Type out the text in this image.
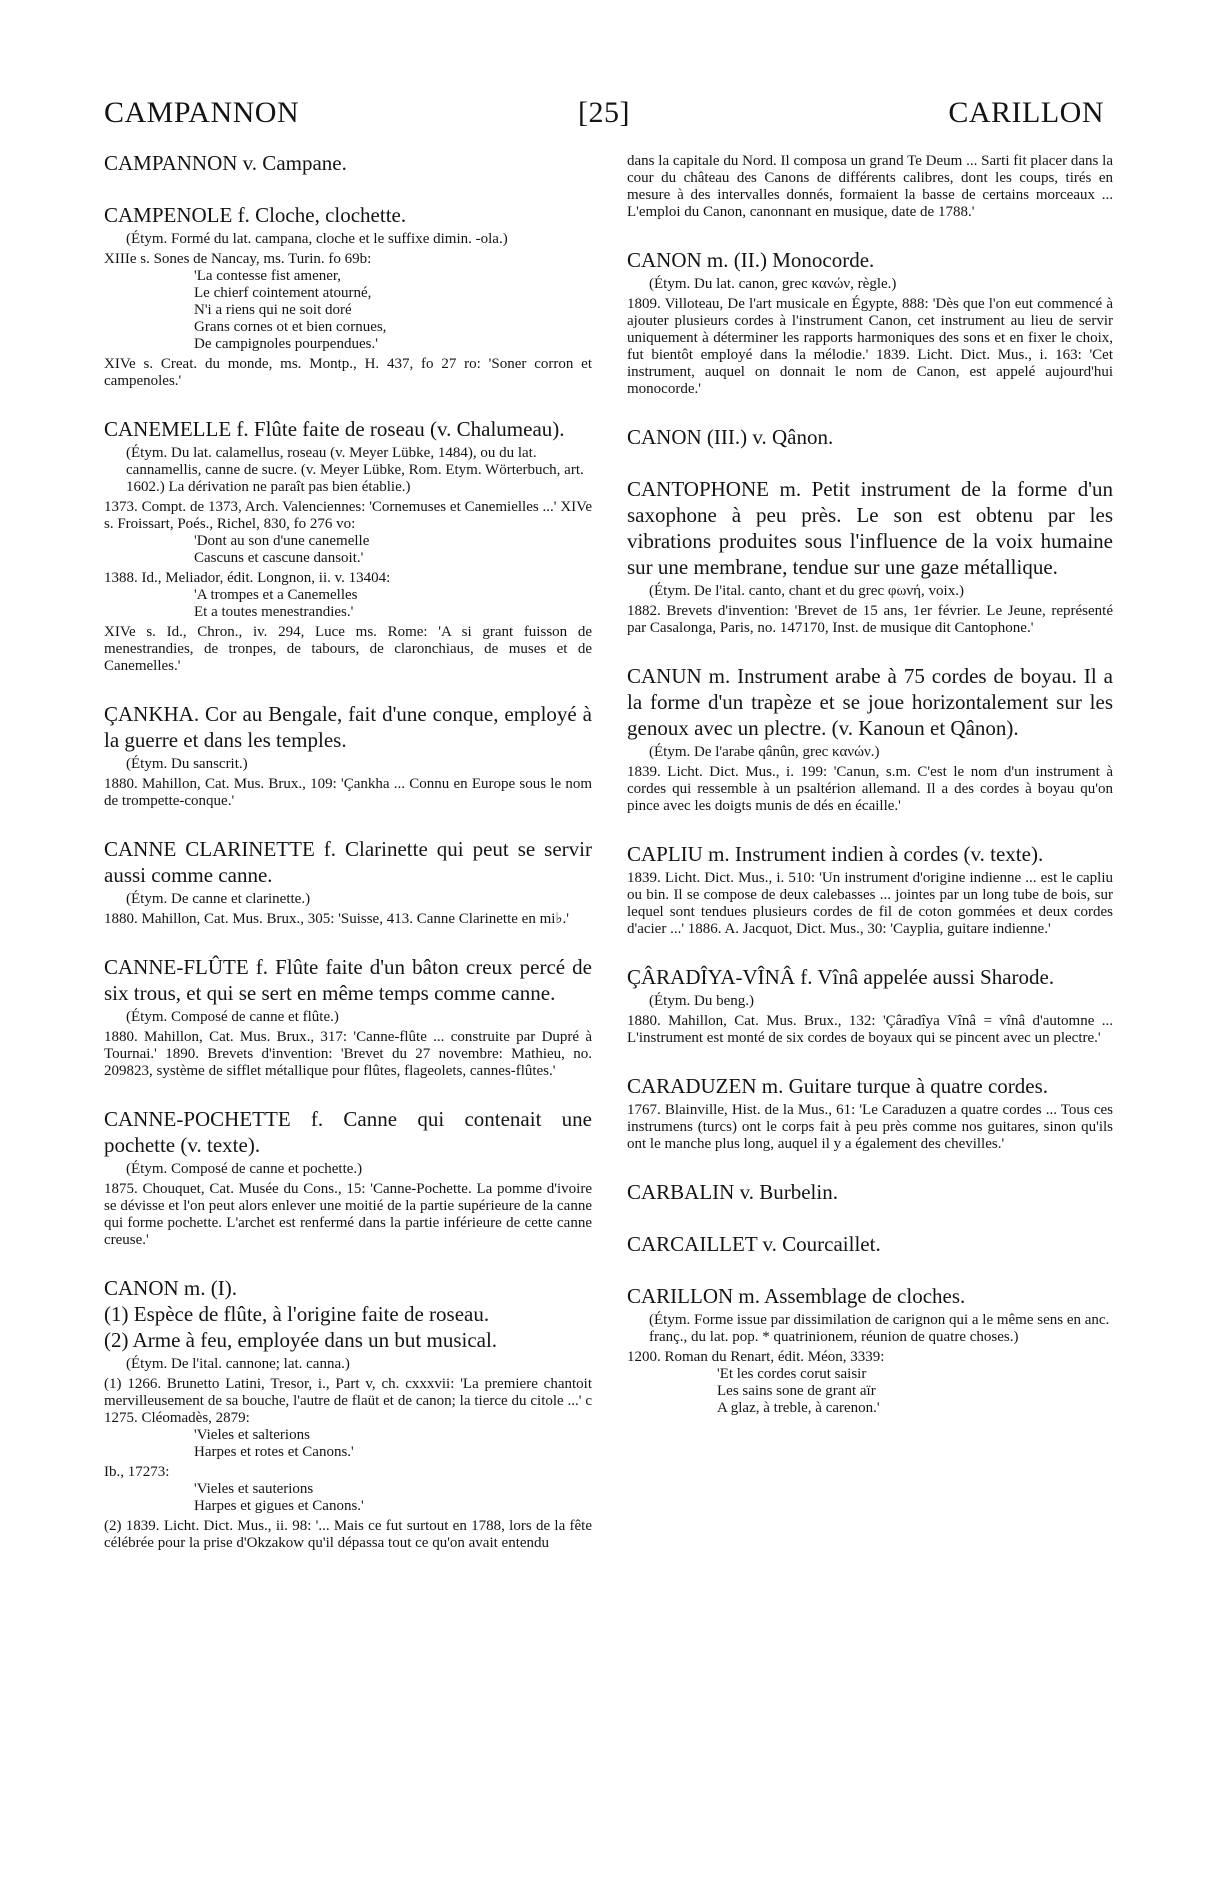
CAMPANNON	[25]	CARILLON
CAMPANNON v. Campane.
CAMPENOLE f. Cloche, clochette.
(Étym. Formé du lat. campana, cloche et le suffixe dimin. -ola.)
XIIIe s. Sones de Nancay, ms. Turin. fo 69b:
'La contesse fist amener,
Le chierf cointement atourné,
N'i a riens qui ne soit doré
Grans cornes ot et bien cornues,
De campignoles pourpendues.'
XIVe s. Creat. du monde, ms. Montp., H. 437, fo 27 ro: 'Soner corron et campenoles.'
CANEMELLE f. Flûte faite de roseau (v. Chalumeau).
(Étym. Du lat. calamellus, roseau (v. Meyer Lübke, 1484), ou du lat. cannamellis, canne de sucre. (v. Meyer Lübke, Rom. Etym. Wörterbuch, art. 1602.) La dérivation ne paraît pas bien établie.)
1373. Compt. de 1373, Arch. Valenciennes: 'Cornemuses et Canemielles ...' XIVe s. Froissart, Poés., Richel, 830, fo 276 vo:
'Dont au son d'une canemelle
Cascuns et cascune dansoit.'
1388. Id., Meliador, édit. Longnon, ii. v. 13404:
'A trompes et a Canemelles
Et a toutes menestrandies.'
XIVe s. Id., Chron., iv. 294, Luce ms. Rome: 'A si grant fuisson de menestrandies, de tronpes, de tabours, de claronchiaus, de muses et de Canemelles.'
ÇANKHA. Cor au Bengale, fait d'une conque, employé à la guerre et dans les temples.
(Étym. Du sanscrit.)
1880. Mahillon, Cat. Mus. Brux., 109: 'Çankha ... Connu en Europe sous le nom de trompette-conque.'
CANNE CLARINETTE f. Clarinette qui peut se servir aussi comme canne.
(Étym. De canne et clarinette.)
1880. Mahillon, Cat. Mus. Brux., 305: 'Suisse, 413. Canne Clarinette en mi♭.'
CANNE-FLÛTE f. Flûte faite d'un bâton creux percé de six trous, et qui se sert en même temps comme canne.
(Étym. Composé de canne et flûte.)
1880. Mahillon, Cat. Mus. Brux., 317: 'Canne-flûte ... construite par Dupré à Tournai.' 1890. Brevets d'invention: 'Brevet du 27 novembre: Mathieu, no. 209823, système de sifflet métallique pour flûtes, flageolets, cannes-flûtes.'
CANNE-POCHETTE f. Canne qui contenait une pochette (v. texte).
(Étym. Composé de canne et pochette.)
1875. Chouquet, Cat. Musée du Cons., 15: 'Canne-Pochette. La pomme d'ivoire se dévisse et l'on peut alors enlever une moitié de la partie supérieure de la canne qui forme pochette. L'archet est renfermé dans la partie inférieure de cette canne creuse.'
CANON m. (I).
(1) Espèce de flûte, à l'origine faite de roseau.
(2) Arme à feu, employée dans un but musical.
(Étym. De l'ital. cannone; lat. canna.)
(1) 1266. Brunetto Latini, Tresor, i., Part v, ch. cxxxvii: 'La premiere chantoit mervilleusement de sa bouche, l'autre de flaüt et de canon; la tierce du citole ...' c 1275. Cléomadès, 2879:
'Vieles et salterions
Harpes et rotes et Canons.'
Ib., 17273:
'Vieles et sauterions
Harpes et gigues et Canons.'
(2) 1839. Licht. Dict. Mus., ii. 98: '... Mais ce fut surtout en 1788, lors de la fête célébrée pour la prise d'Okzakow qu'il dépassa tout ce qu'on avait entendu
dans la capitale du Nord. Il composa un grand Te Deum ... Sarti fit placer dans la cour du château des Canons de différents calibres, dont les coups, tirés en mesure à des intervalles donnés, formaient la basse de certains morceaux ... L'emploi du Canon, canonnant en musique, date de 1788.'
CANON m. (II.) Monocorde.
(Étym. Du lat. canon, grec κανών, règle.)
1809. Villoteau, De l'art musicale en Égypte, 888: 'Dès que l'on eut commencé à ajouter plusieurs cordes à l'instrument Canon, cet instrument au lieu de servir uniquement à déterminer les rapports harmoniques des sons et en fixer le choix, fut bientôt employé dans la mélodie.' 1839. Licht. Dict. Mus., i. 163: 'Cet instrument, auquel on donnait le nom de Canon, est appelé aujourd'hui monocorde.'
CANON (III.) v. Qânon.
CANTOPHONE m. Petit instrument de la forme d'un saxophone à peu près. Le son est obtenu par les vibrations produites sous l'influence de la voix humaine sur une membrane, tendue sur une gaze métallique.
(Étym. De l'ital. canto, chant et du grec φωνή, voix.)
1882. Brevets d'invention: 'Brevet de 15 ans, 1er février. Le Jeune, représenté par Casalonga, Paris, no. 147170, Inst. de musique dit Cantophone.'
CANUN m. Instrument arabe à 75 cordes de boyau. Il a la forme d'un trapèze et se joue horizontalement sur les genoux avec un plectre. (v. Kanoun et Qânon).
(Étym. De l'arabe qânûn, grec κανών.)
1839. Licht. Dict. Mus., i. 199: 'Canun, s.m. C'est le nom d'un instrument à cordes qui ressemble à un psaltérion allemand. Il a des cordes à boyau qu'on pince avec les doigts munis de dés en écaille.'
CAPLIU m. Instrument indien à cordes (v. texte).
1839. Licht. Dict. Mus., i. 510: 'Un instrument d'origine indienne ... est le capliu ou bin. Il se compose de deux calebasses ... jointes par un long tube de bois, sur lequel sont tendues plusieurs cordes de fil de coton gommées et deux cordes d'acier ...' 1886. A. Jacquot, Dict. Mus., 30: 'Cayplia, guitare indienne.'
ÇÂRADÎYA-VÎNÂ f. Vînâ appelée aussi Sharode.
(Étym. Du beng.)
1880. Mahillon, Cat. Mus. Brux., 132: 'Çâradîya Vînâ = vînâ d'automne ... L'instrument est monté de six cordes de boyaux qui se pincent avec un plectre.'
CARADUZEN m. Guitare turque à quatre cordes.
1767. Blainville, Hist. de la Mus., 61: 'Le Caraduzen a quatre cordes ... Tous ces instrumens (turcs) ont le corps fait à peu près comme nos guitares, sinon qu'ils ont le manche plus long, auquel il y a également des chevilles.'
CARBALIN v. Burbelin.
CARCAILLET v. Courcaillet.
CARILLON m. Assemblage de cloches.
(Étym. Forme issue par dissimilation de carignon qui a le même sens en anc. franç., du lat. pop. * quatrinionem, réunion de quatre choses.)
1200. Roman du Renart, édit. Méon, 3339:
'Et les cordes corut saisir
Les sains sone de grant aïr
A glaz, à treble, à carenon.'
